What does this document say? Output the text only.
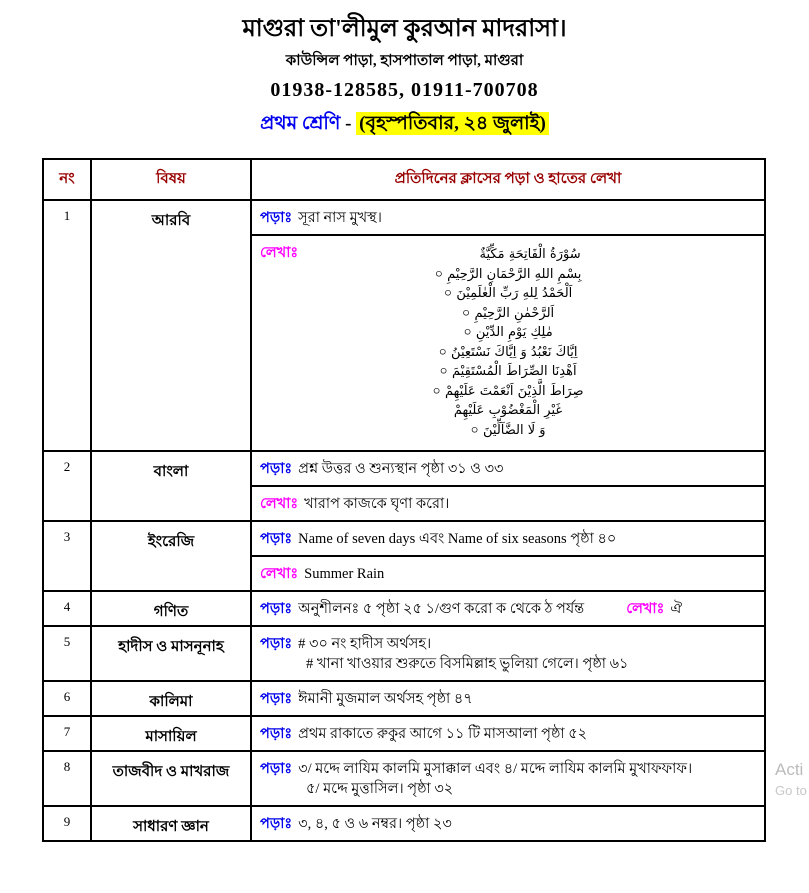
মাগুরা তা'লীমুল কুরআন মাদরাসা।
কাউন্সিল পাড়া, হাসপাতাল পাড়া, মাগুরা
01938-128585, 01911-700708
প্রথম শ্রেণি - (বৃহস্পতিবার, ২৪ জুলাই)
নং	বিষয়	প্রতিদিনের ক্লাসের পড়া ও হাতের লেখা
1	আরবি	পড়াঃ সূরা নাস মুখস্থ।
লেখাঃ	سُوْرَةُ الْفَاتِحَةِ مَكِّيَّةٌ
০ بِسْمِ اللهِ الرَّحْمَانِ الرَّحِيْمِ
০ اَلْحَمْدُ لِلهِ رَبِّ الْعٰلَمِيْنَ
০ اَلرَّحْمٰنِ الرَّحِيْمِ
০ مٰلِكِ يَوْمِ الدِّيْنِ
০ اِيَّاكَ نَعْبُدُ وَ اِيَّاكَ نَسْتَعِيْنُ
০ اَهْدِنَا الصِّرَاطَ الْمُسْتَقِيْمَ
০ صِرَاطَ الَّذِيْنَ اَنْعَمْتَ عَلَيْهِمْ
غَيْرِ الْمَغْضُوْبِ عَلَيْهِمْ
০ وَ لَا الضَّآلِّيْنَ
2	বাংলা	পড়াঃ প্রশ্ন উত্তর ও শুন্যস্থান পৃষ্ঠা ৩১ ও ৩৩
লেখাঃ খারাপ কাজকে ঘৃণা করো।
3	ইংরেজি	পড়াঃ Name of seven days এবং Name of six seasons পৃষ্ঠা ৪০
লেখাঃ Summer Rain
4	গণিত	পড়াঃ অনুশীলনঃ ৫ পৃষ্ঠা ২৫ ১/গুণ করো ক থেকে ঠ পর্যন্ত	লেখাঃ ঐ
5	হাদীস ও মাসনূনাহ	পড়াঃ # ৩০ নং হাদীস অর্থসহ।
# খানা খাওয়ার শুরুতে বিসমিল্লাহ ভুলিয়া গেলে। পৃষ্ঠা ৬১
6	কালিমা	পড়াঃ ঈমানী মুজমাল অর্থসহ পৃষ্ঠা ৪৭
7	মাসায়িল	পড়াঃ প্রথম রাকাতে রুকুর আগে ১১ টি মাসআলা পৃষ্ঠা ৫২
8	তাজবীদ ও মাখরাজ	পড়াঃ ৩/ মদ্দে লাযিম কালমি মুসাক্কাল এবং ৪/ মদ্দে লাযিম কালমি মুখাফফাফ।
৫/ মদ্দে মুত্তাসিল। পৃষ্ঠা ৩২
9	সাধারণ জ্ঞান	পড়াঃ ৩, ৪, ৫ ও ৬ নম্বর। পৃষ্ঠা ২৩
Acti
Go to
